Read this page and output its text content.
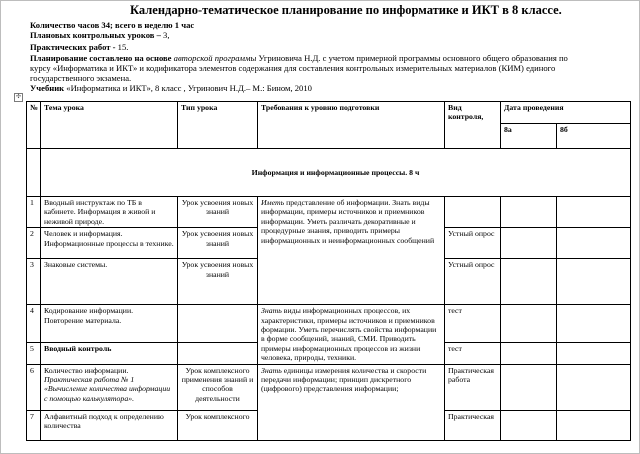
Календарно-тематическое планирование по информатике и ИКТ в 8 классе.
Количество часов 34; всего в неделю 1 час
Плановых контрольных уроков – 3,
Практических работ - 15.
Планирование составлено на основе авторской программы Угриновича Н.Д. с учетом примерной программы основного общего образования по
курсу «Информатика и ИКТ» и кодификатора элементов содержания для составления контрольных измерительных материалов (КИМ) единого
государственного экзамена.
Учебник «Информатика и ИКТ», 8 класс , Угринович Н.Д.– М.: Бином, 2010
✣
№	Тема урока	Тип урока	Требования к уровню подготовки	Вид контроля,	Дата проведения	
					8а	8б
	Информация и информационные процессы. 8 ч					
1	Вводный инструктаж по ТБ в кабинете. Информация в живой и неживой природе.	Урок усвоения новых знаний	Иметь представление об информации. Знать виды информации, примеры источников и приемников информации. Уметь различать декоративные и процедурные знания, приводить примеры информационных и неинформационных сообщений			
2	Человек и информация. Информационные процессы в технике.	Урок усвоения новых знаний		Устный опрос		
3	Знаковые системы.	Урок усвоения новых знаний		Устный опрос		
4	Кодирование информации. Повторение материала.		Знать виды информационных процессов, их характеристики, примеры источников и приемников формации. Уметь перечислять свойства информации в форме сообщений, знаний, СМИ. Приводить примеры информационных процессов из жизни человека, природы, техники.	тест		
5	Вводный контроль			тест		
6	Количество информации. Практическая работа № 1 «Вычисление количества информации с помощью калькулятора».	Урок комплексного применения знаний и способов деятельности	Знать единицы измерения количества и скорости передачи информации; принцип дискретного (цифрового) представления информации;	Практическая работа		
7	Алфавитный подход к определению количества	Урок комплексного		Практическая		
